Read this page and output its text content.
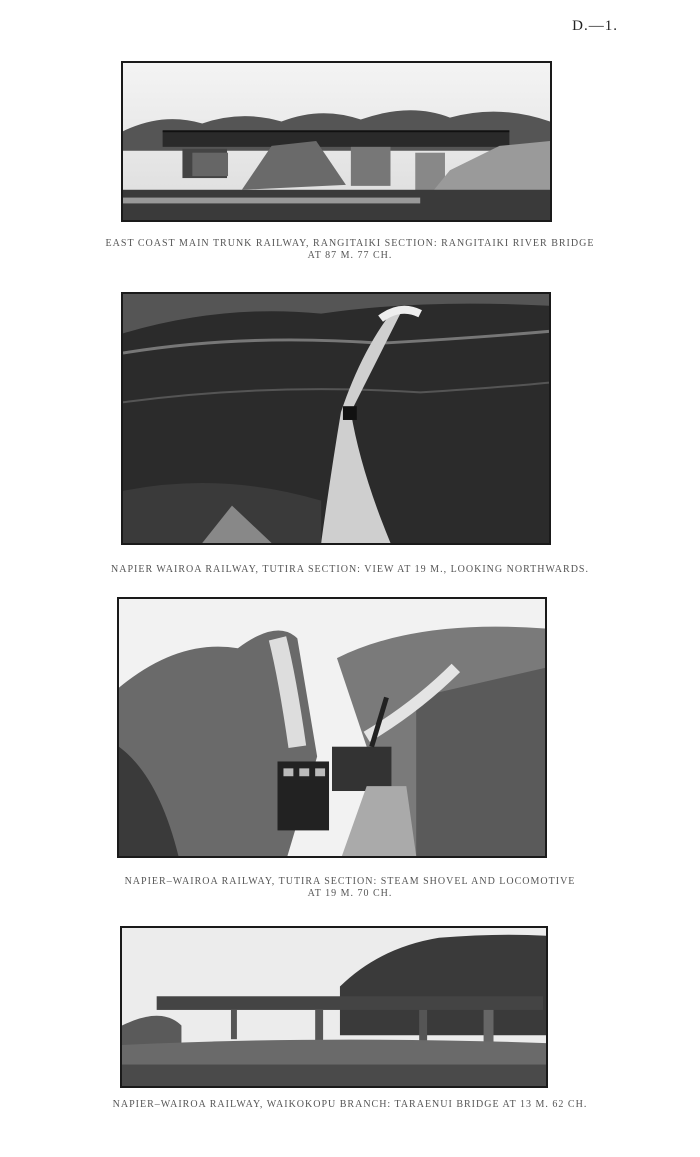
D.—1.
EAST COAST MAIN TRUNK RAILWAY, RANGITAIKI SECTION: RANGITAIKI RIVER BRIDGE
AT 87 M. 77 CH.
NAPIER WAIROA RAILWAY, TUTIRA SECTION: VIEW AT 19 M., LOOKING NORTHWARDS.
NAPIER–WAIROA RAILWAY, TUTIRA SECTION: STEAM SHOVEL AND LOCOMOTIVE
AT 19 M. 70 CH.
NAPIER–WAIROA RAILWAY, WAIKOKOPU BRANCH: TARAENUI BRIDGE AT 13 M. 62 CH.
